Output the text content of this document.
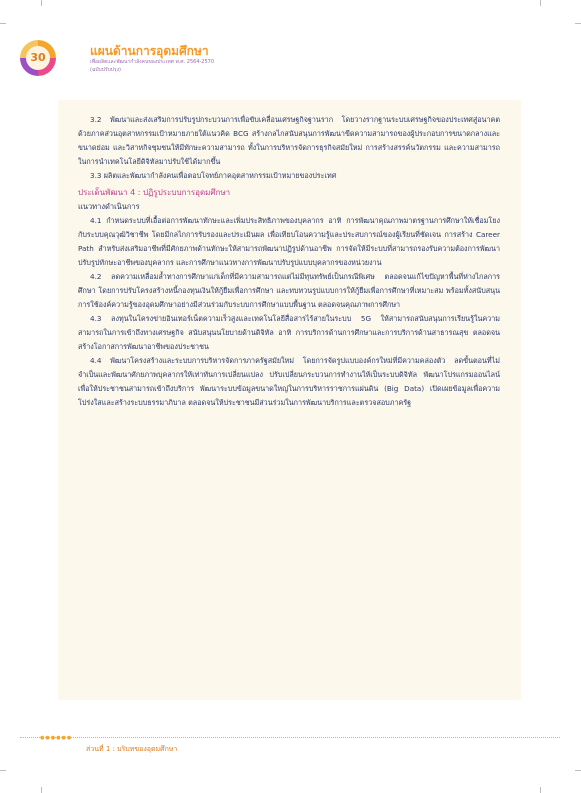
30	แผนด้านการอุดมศึกษา
เพื่อผลิตและพัฒนากำลังคนของประเทศ พ.ศ. 2564-2570
(ฉบับปรับปรุง)

3.2 พัฒนาและส่งเสริมการปรับรูปกระบวนการเพื่อขับเคลื่อนเศรษฐกิจฐานราก โดยวางรากฐานระบบเศรษฐกิจของประเทศสู่อนาคตด้วยภาคส่วนอุตสาหกรรมเป้าหมายภายใต้แนวคิด BCG สร้างกลไกสนับสนุนการพัฒนาขีดความสามารถของผู้ประกอบการขนาดกลางและขนาดย่อม และวิสาหกิจชุมชนให้มีทักษะความสามารถ ทั้งในการบริหารจัดการธุรกิจสมัยใหม่ การสร้างสรรค์นวัตกรรม และความสามารถในการนำเทคโนโลยีดิจิทัลมาปรับใช้ได้มากขึ้น

3.3 ผลิตและพัฒนากำลังคนเพื่อตอบโจทย์ภาคอุตสาหกรรมเป้าหมายของประเทศ

ประเด็นพัฒนา 4 : ปฏิรูประบบการอุดมศึกษา

แนวทางดำเนินการ

4.1 กำหนดระบบที่เอื้อต่อการพัฒนาทักษะและเพิ่มประสิทธิภาพของบุคลากร อาทิ การพัฒนาคุณภาพมาตรฐานการศึกษาให้เชื่อมโยงกับระบบคุณวุฒิวิชาชีพ โดยมีกลไกการรับรองและประเมินผล เพื่อเทียบโอนความรู้และประสบการณ์ของผู้เรียนที่ชัดเจน การสร้าง Career Path สำหรับส่งเสริมอาชีพที่มีศักยภาพด้านทักษะให้สามารถพัฒนาปฏิรูปด้านอาชีพ การจัดให้มีระบบที่สามารถรองรับความต้องการพัฒนาปรับรูปทักษะอาชีพของบุคลากร และการศึกษาแนวทางการพัฒนาปรับรูปแบบบุคลากรของหน่วยงาน

4.2 ลดความเหลื่อมล้ำทางการศึกษาแก่เด็กที่มีความสามารถแต่ไม่มีทุนทรัพย์เป็นกรณีพิเศษ ตลอดจนแก้ไขปัญหาพื้นที่ห่างไกลการศึกษา โดยการปรับโครงสร้างหนี้กองทุนเงินให้กู้ยืมเพื่อการศึกษา และทบทวนรูปแบบการให้กู้ยืมเพื่อการศึกษาที่เหมาะสม พร้อมทั้งสนับสนุนการใช้องค์ความรู้ของอุดมศึกษาอย่างมีส่วนร่วมกับระบบการศึกษาแบบพื้นฐาน ตลอดจนคุณภาพการศึกษา

4.3 ลงทุนในโครงข่ายอินเทอร์เน็ตความเร็วสูงและเทคโนโลยีสื่อสารไร้สายในระบบ 5G ให้สามารถสนับสนุนการเรียนรู้ในความสามารถในการเข้าถึงทางเศรษฐกิจ สนับสนุนนโยบายด้านดิจิทัล อาทิ การบริการด้านการศึกษาและการบริการด้านสาธารณสุข ตลอดจนสร้างโอกาสการพัฒนาอาชีพของประชาชน

4.4 พัฒนาโครงสร้างและระบบการบริหารจัดการภาครัฐสมัยใหม่ โดยการจัดรูปแบบองค์กรใหม่ที่มีความคล่องตัว ลดขั้นตอนที่ไม่จำเป็นและพัฒนาศักยภาพบุคลากรให้เท่าทันการเปลี่ยนแปลง ปรับเปลี่ยนกระบวนการทำงานให้เป็นระบบดิจิทัล พัฒนาโปรแกรมออนไลน์เพื่อให้ประชาชนสามารถเข้าถึงบริการ พัฒนาระบบข้อมูลขนาดใหญ่ในการบริหารราชการแผ่นดิน (Big Data) เปิดเผยข้อมูลเพื่อความโปร่งใสและสร้างระบบธรรมาภิบาล ตลอดจนให้ประชาชนมีส่วนร่วมในการพัฒนาบริการและตรวจสอบภาครัฐ

●●●●●●
ส่วนที่ 1 : บริบทของอุดมศึกษา
